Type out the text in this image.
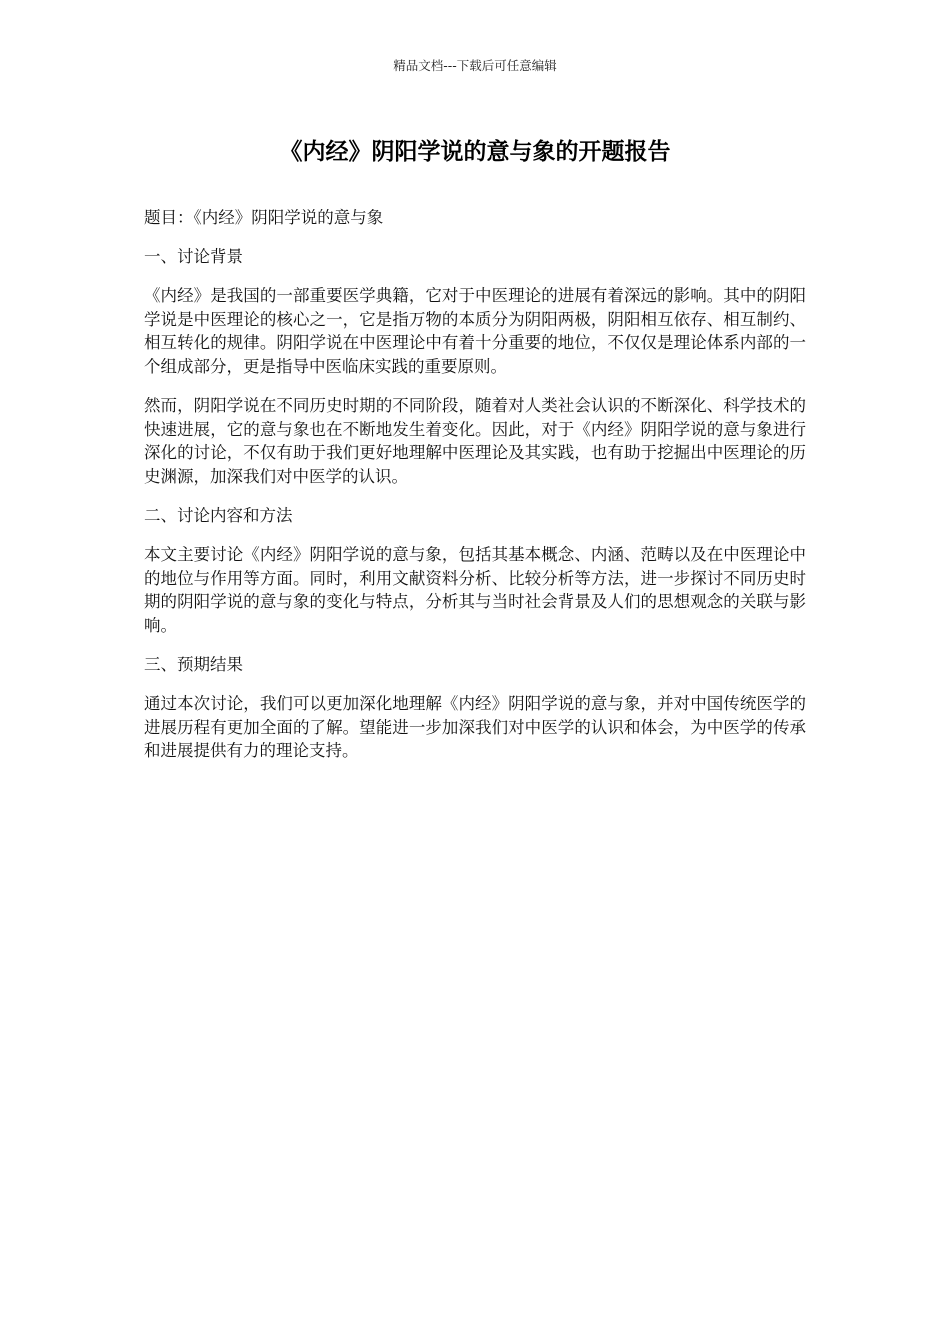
精品文档---下载后可任意编辑
《内经》阴阳学说的意与象的开题报告

题目：《内经》阴阳学说的意与象

一、讨论背景

《内经》是我国的一部重要医学典籍，它对于中医理论的进展有着深远的影响。其中的阴阳学说是中医理论的核心之一，它是指万物的本质分为阴阳两极，阴阳相互依存、相互制约、相互转化的规律。阴阳学说在中医理论中有着十分重要的地位，不仅仅是理论体系内部的一个组成部分，更是指导中医临床实践的重要原则。

然而，阴阳学说在不同历史时期的不同阶段，随着对人类社会认识的不断深化、科学技术的快速进展，它的意与象也在不断地发生着变化。因此，对于《内经》阴阳学说的意与象进行深化的讨论，不仅有助于我们更好地理解中医理论及其实践，也有助于挖掘出中医理论的历史渊源，加深我们对中医学的认识。

二、讨论内容和方法

本文主要讨论《内经》阴阳学说的意与象，包括其基本概念、内涵、范畴以及在中医理论中的地位与作用等方面。同时，利用文献资料分析、比较分析等方法，进一步探讨不同历史时期的阴阳学说的意与象的变化与特点，分析其与当时社会背景及人们的思想观念的关联与影响。

三、预期结果

通过本次讨论，我们可以更加深化地理解《内经》阴阳学说的意与象，并对中国传统医学的进展历程有更加全面的了解。望能进一步加深我们对中医学的认识和体会，为中医学的传承和进展提供有力的理论支持。
